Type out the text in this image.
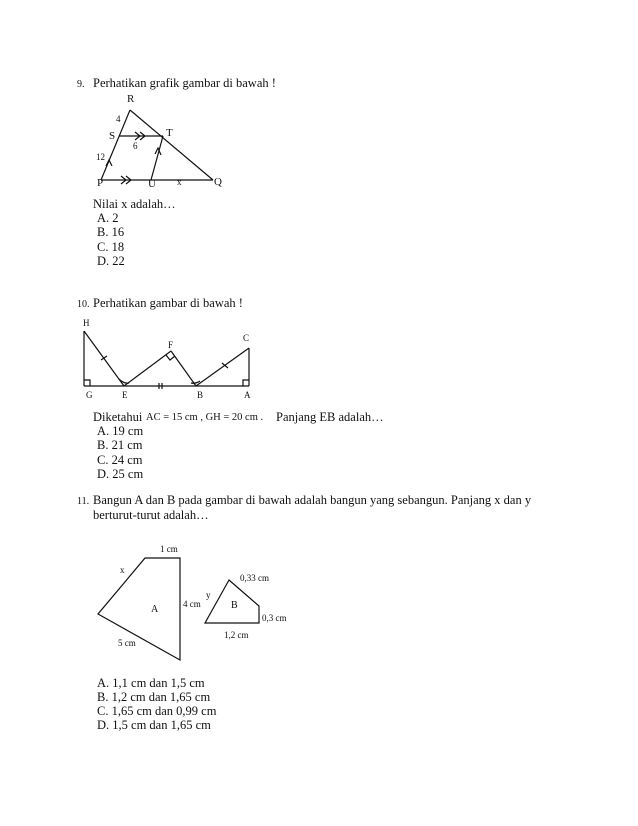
9. Perhatikan grafik gambar di bawah !
R
4
S	T
6
12
P	U x	Q
Nilai x adalah…
A. 2
B. 16
C. 18
D. 22
10. Perhatikan gambar di bawah !
H
C
F
G	E	B	A
Diketahui AC = 15 cm , GH = 20 cm . Panjang EB adalah…
A. 19 cm
B. 21 cm
C. 24 cm
D. 25 cm
11. Bangun A dan B pada gambar di bawah adalah bangun yang sebangun. Panjang x dan y
berturut-turut adalah…
1 cm
x
A	4 cm
5 cm
0,33 cm
y
B
0,3 cm
1,2 cm
A. 1,1 cm dan 1,5 cm
B. 1,2 cm dan 1,65 cm
C. 1,65 cm dan 0,99 cm
D. 1,5 cm dan 1,65 cm
